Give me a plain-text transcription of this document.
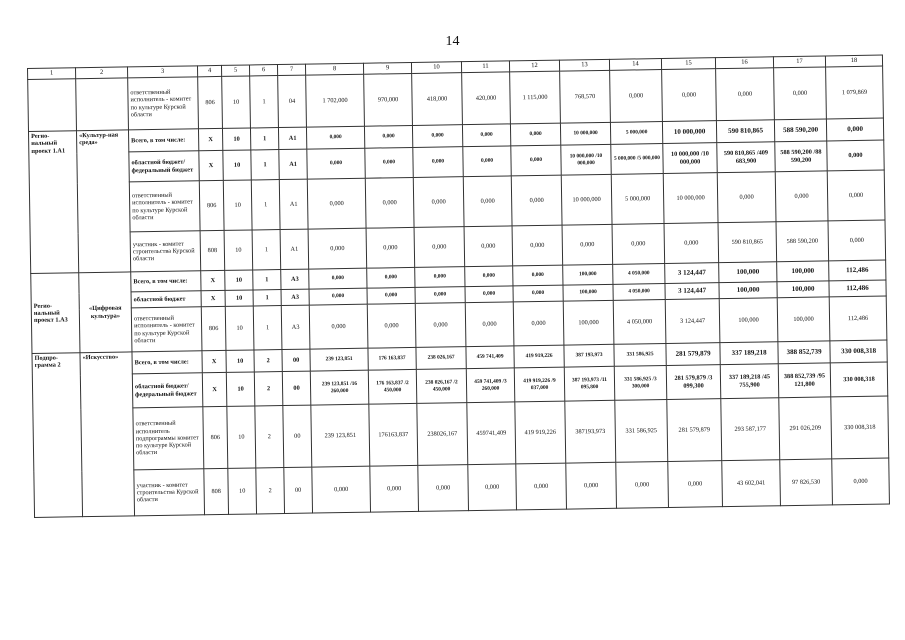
14
1	2	3	4	5	6	7	8	9	10	11	12	13	14	15	16	17	18
		ответственный исполнитель - комитет по культуре Курской области	806	10	1	04	1 702,000	970,000	418,000	420,000	1 115,000	768,570	0,000	0,000	0,000	0,000	1 079,869
Регио-нальный проект 1.А1	«Культур-ная среда»	Всего, в том числе:	X	10	1	А1	0,000	0,000	0,000	0,000	0,000	10 000,000	5 000,000	10 000,000	590 810,865	588 590,200	0,000
		областной бюджет/ федеральный бюджет	X	10	1	А1	0,000	0,000	0,000	0,000	0,000	10 000,000 /10 000,000	5 000,000 /5 000,000	10 000,000 /10 000,000	590 810,865 /409 683,900	588 590,200 /88 590,200	0,000
		ответственный исполнитель - комитет по культуре Курской области	806	10	1	А1	0,000	0,000	0,000	0,000	0,000	10 000,000	5 000,000	10 000,000	0,000	0,000	0,000
		участник - комитет строительства Курской области	808	10	1	А1	0,000	0,000	0,000	0,000	0,000	0,000	0,000	0,000	590 810,865	588 590,200	0,000
Регио-нальный проект 1.А3	«Цифровая культура»	Всего, в том числе:	X	10	1	А3	0,000	0,000	0,000	0,000	0,000	100,000	4 050,000	3 124,447	100,000	100,000	112,486
		областной бюджет	X	10	1	А3	0,000	0,000	0,000	0,000	0,000	100,000	4 050,000	3 124,447	100,000	100,000	112,486
		ответственный исполнитель - комитет по культуре Курской области	806	10	1	А3	0,000	0,000	0,000	0,000	0,000	100,000	4 050,000	3 124,447	100,000	100,000	112,486
Подпро-грамма 2	«Искусство»	Всего, в том числе:	X	10	2	00	239 123,851	176 163,837	238 026,167	459 741,409	419 919,226	387 193,973	331 586,925	281 579,879	337 189,218	388 852,739	330 008,318
		областной бюджет/ федеральный бюджет	X	10	2	00	239 123,851 /16 260,000	176 163,837 /2 450,000	238 026,167 /2 450,000	459 741,409 /3 260,000	419 919,226 /9 037,000	387 193,973 /11 095,800	331 586,925 /3 300,000	281 579,879 /3 099,300	337 189,218 /45 755,900	388 852,739 /95 121,800	330 008,318
		ответственный исполнитель подпрограммы комитет по культуре Курской области	806	10	2	00	239 123,851	176163,837	238026,167	459741,409	419 919,226	387193,973	331 586,925	281 579,879	293 587,177	291 026,209	330 008,318
		участник - комитет строительства Курской области	808	10	2	00	0,000	0,000	0,000	0,000	0,000	0,000	0,000	0,000	43 602,041	97 826,530	0,000
